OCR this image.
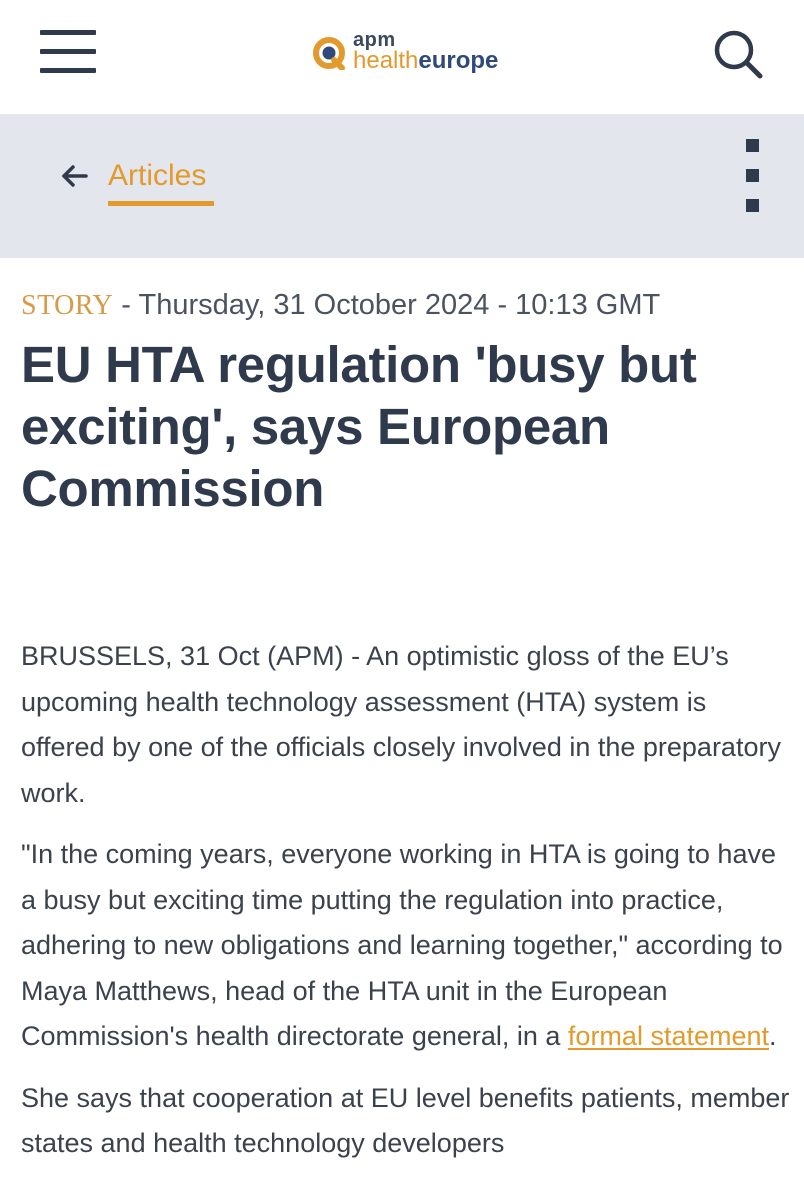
apm
healtheurope
Articles
STORY - Thursday, 31 October 2024 - 10:13 GMT
EU HTA regulation 'busy but exciting', says European Commission

BRUSSELS, 31 Oct (APM) - An optimistic gloss of the EU’s upcoming health technology assessment (HTA) system is offered by one of the officials closely involved in the preparatory work.

"In the coming years, everyone working in HTA is going to have a busy but exciting time putting the regulation into practice, adhering to new obligations and learning together," according to Maya Matthews, head of the HTA unit in the European Commission's health directorate general, in a formal statement.

She says that cooperation at EU level benefits patients, member states and health technology developers
